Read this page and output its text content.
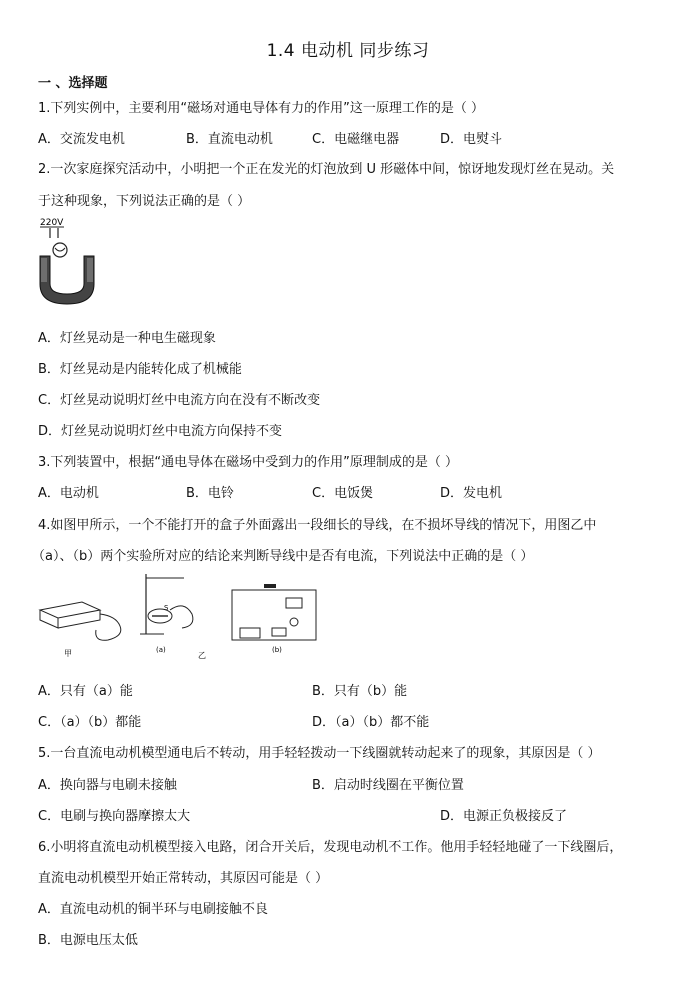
1.4 电动机 同步练习
一 、选择题
1.下列实例中，主要利用“磁场对通电导体有力的作用”这一原理工作的是（ ）
A．交流发电机	B．直流电动机	C．电磁继电器	D．电熨斗
2.一次家庭探究活动中，小明把一个正在发光的灯泡放到 U 形磁体中间，惊讶地发现灯丝在晃动。关
于这种现象，下列说法正确的是（ ）
220V
A．灯丝晃动是一种电生磁现象
B．灯丝晃动是内能转化成了机械能
C．灯丝晃动说明灯丝中电流方向在没有不断改变
D．灯丝晃动说明灯丝中电流方向保持不变
3.下列装置中，根据“通电导体在磁场中受到力的作用”原理制成的是（ ）
A．电动机	B．电铃	C．电饭煲	D．发电机
4.如图甲所示，一个不能打开的盒子外面露出一段细长的导线，在不损坏导线的情况下，用图乙中
（a）、（b）两个实验所对应的结论来判断导线中是否有电流，下列说法中正确的是（ ）
甲
S
(a)
乙
(b)
A．只有（a）能	B．只有（b）能
C．（a）（b）都能	D．（a）（b）都不能
5.一台直流电动机模型通电后不转动，用手轻轻拨动一下线圈就转动起来了的现象，其原因是（ ）
A．换向器与电刷未接触	B．启动时线圈在平衡位置
C．电刷与换向器摩擦太大	D．电源正负极接反了
6.小明将直流电动机模型接入电路，闭合开关后，发现电动机不工作。他用手轻轻地碰了一下线圈后，
直流电动机模型开始正常转动，其原因可能是（ ）
A．直流电动机的铜半环与电刷接触不良
B．电源电压太低
